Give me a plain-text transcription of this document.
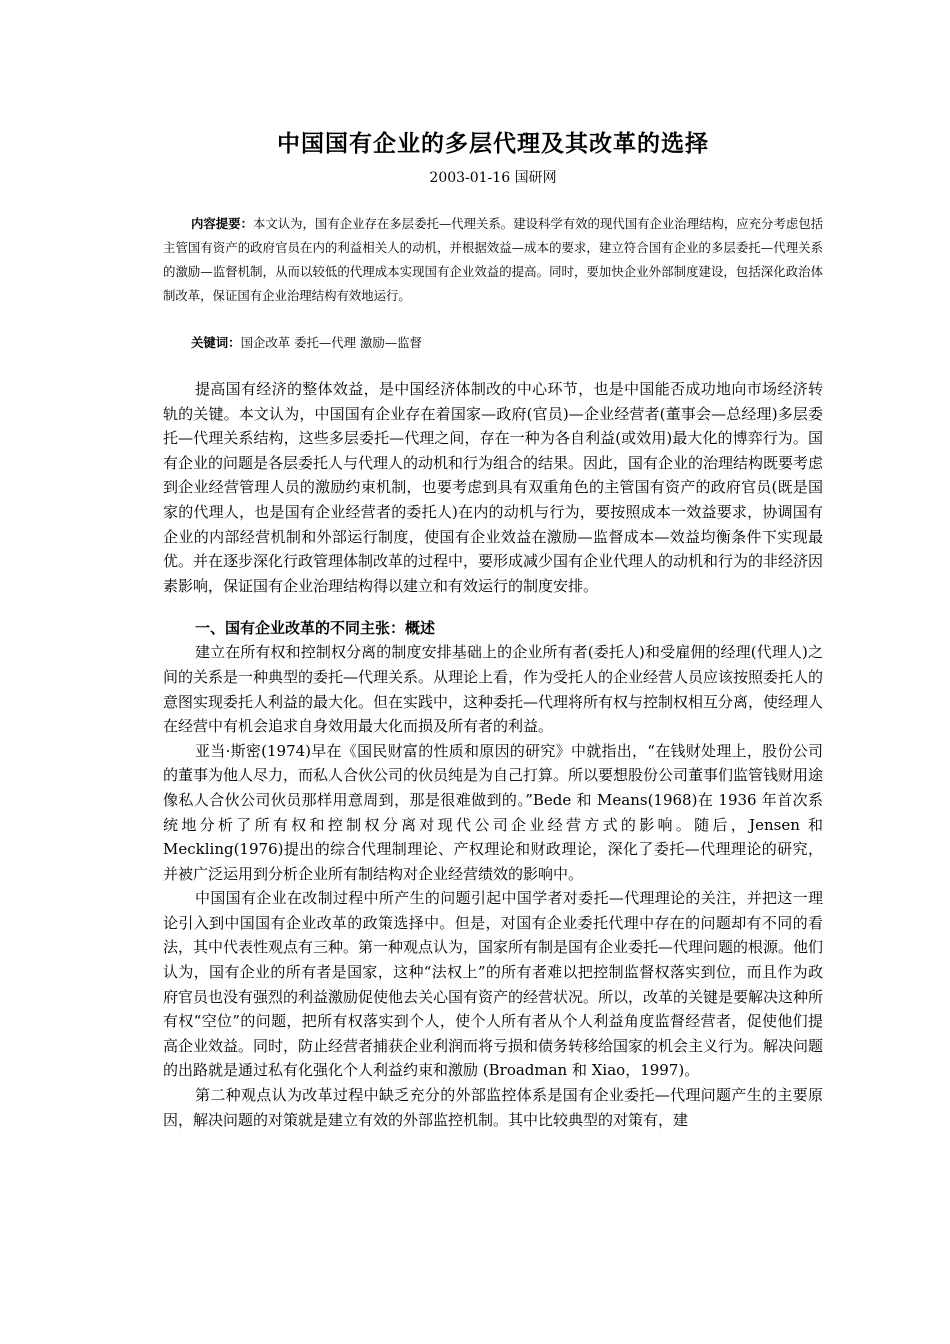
中国国有企业的多层代理及其改革的选择
2003-01-16 国研网

内容提要：本文认为，国有企业存在多层委托—代理关系。建设科学有效的现代国有企业治理结构，应充分考虑包括主管国有资产的政府官员在内的利益相关人的动机，并根据效益—成本的要求，建立符合国有企业的多层委托—代理关系的激励—监督机制，从而以较低的代理成本实现国有企业效益的提高。同时，要加快企业外部制度建设，包括深化政治体制改革，保证国有企业治理结构有效地运行。

关键词：国企改革 委托—代理 激励—监督

提高国有经济的整体效益，是中国经济体制改的中心环节，也是中国能否成功地向市场经济转轨的关键。本文认为，中国国有企业存在着国家—政府(官员)—企业经营者(董事会—总经理)多层委托—代理关系结构，这些多层委托—代理之间，存在一种为各自利益(或效用)最大化的博弈行为。国有企业的问题是各层委托人与代理人的动机和行为组合的结果。因此，国有企业的治理结构既要考虑到企业经营管理人员的激励约束机制，也要考虑到具有双重角色的主管国有资产的政府官员(既是国家的代理人，也是国有企业经营者的委托人)在内的动机与行为，要按照成本一效益要求，协调国有企业的内部经营机制和外部运行制度，使国有企业效益在激励—监督成本—效益均衡条件下实现最优。并在逐步深化行政管理体制改革的过程中，要形成减少国有企业代理人的动机和行为的非经济因素影响，保证国有企业治理结构得以建立和有效运行的制度安排。

一、国有企业改革的不同主张：概述

建立在所有权和控制权分离的制度安排基础上的企业所有者(委托人)和受雇佣的经理(代理人)之间的关系是一种典型的委托—代理关系。从理论上看，作为受托人的企业经营人员应该按照委托人的意图实现委托人利益的最大化。但在实践中，这种委托—代理将所有权与控制权相互分离，使经理人在经营中有机会追求自身效用最大化而损及所有者的利益。

亚当·斯密(1974)早在《国民财富的性质和原因的研究》中就指出，“在钱财处理上，股份公司的董事为他人尽力，而私人合伙公司的伙员纯是为自己打算。所以要想股份公司董事们监管钱财用途像私人合伙公司伙员那样用意周到，那是很难做到的。”Bede 和 Means(1968)在 1936 年首次系统地分析了所有权和控制权分离对现代公司企业经营方式的影响。随后，Jensen 和 Meckling(1976)提出的综合代理制理论、产权理论和财政理论，深化了委托—代理理论的研究，并被广泛运用到分析企业所有制结构对企业经营绩效的影响中。

中国国有企业在改制过程中所产生的问题引起中国学者对委托—代理理论的关注，并把这一理论引入到中国国有企业改革的政策选择中。但是，对国有企业委托代理中存在的问题却有不同的看法，其中代表性观点有三种。第一种观点认为，国家所有制是国有企业委托—代理问题的根源。他们认为，国有企业的所有者是国家，这种“法权上”的所有者难以把控制监督权落实到位，而且作为政府官员也没有强烈的利益激励促使他去关心国有资产的经营状况。所以，改革的关键是要解决这种所有权“空位”的问题，把所有权落实到个人，使个人所有者从个人利益角度监督经营者，促使他们提高企业效益。同时，防止经营者捕获企业利润而将亏损和债务转移给国家的机会主义行为。解决问题的出路就是通过私有化强化个人利益约束和激励 (Broadman 和 Xiao，1997)。

第二种观点认为改革过程中缺乏充分的外部监控体系是国有企业委托—代理问题产生的主要原因，解决问题的对策就是建立有效的外部监控机制。其中比较典型的对策有，建
